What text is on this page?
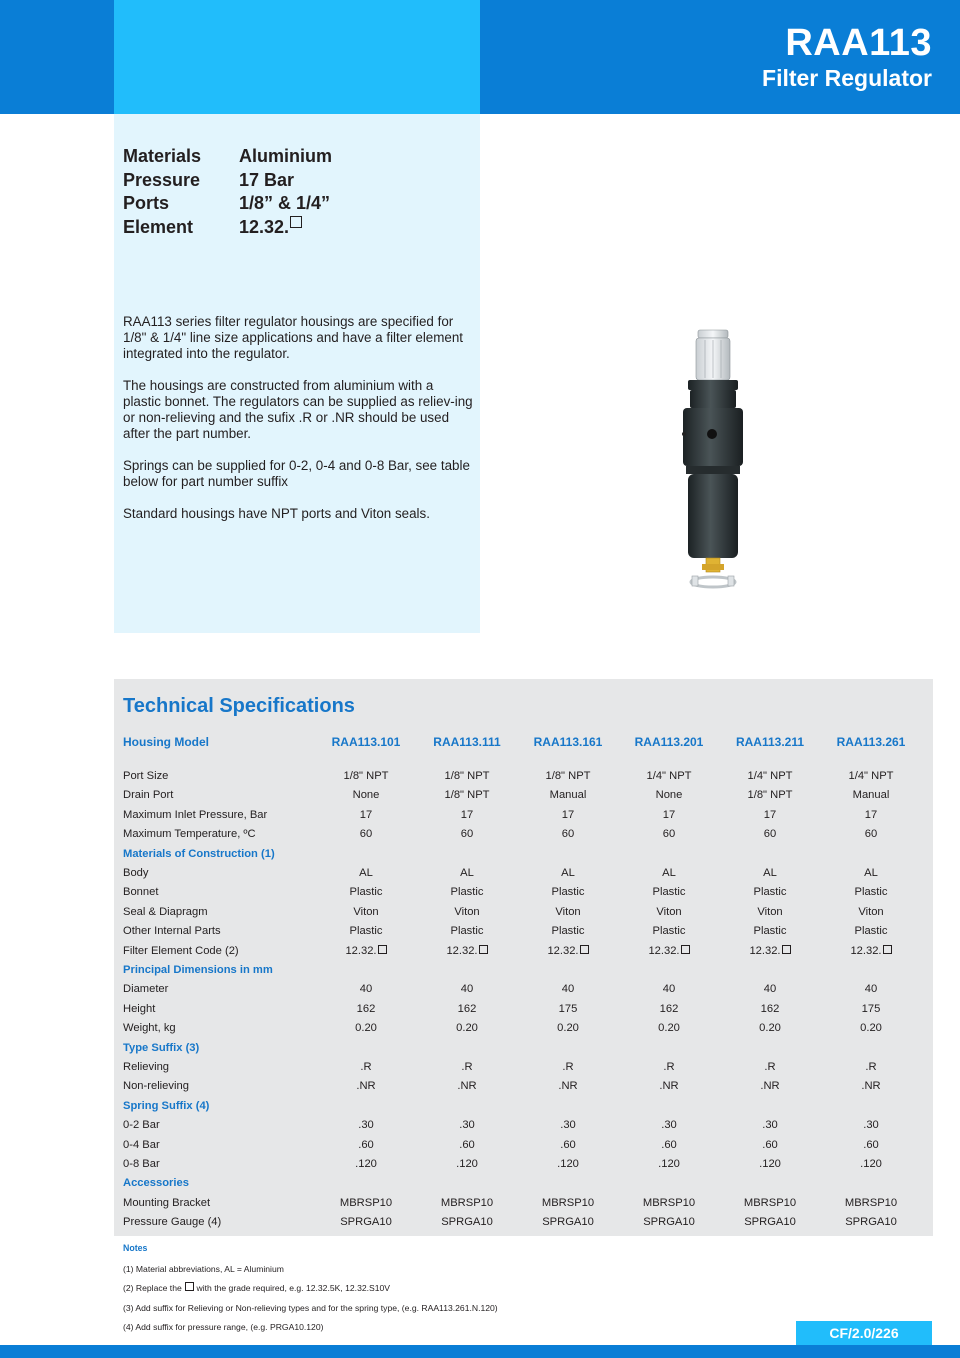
RAA113
Filter Regulator
Materials	Aluminium
Pressure	17 Bar
Ports	1/8” & 1/4”
Element	12.32.

RAA113 series filter regulator housings are specified for 1/8" & 1/4" line size applications and have a filter element integrated into the regulator.

The housings are constructed from aluminium with a plastic bonnet. The regulators can be supplied as reliev-ing or non-relieving and the sufix .R or .NR should be used after the part number.

Springs can be supplied for 0-2, 0-4 and 0-8 Bar, see table below for part number suffix

Standard housings have NPT ports and Viton seals.

Technical Specifications
Housing Model	RAA113.101	RAA113.111	RAA113.161	RAA113.201	RAA113.211	RAA113.261
Port Size	1/8" NPT	1/8" NPT	1/8" NPT	1/4" NPT	1/4" NPT	1/4" NPT
Drain Port	None	1/8" NPT	Manual	None	1/8" NPT	Manual
Maximum Inlet Pressure, Bar	17	17	17	17	17	17
Maximum Temperature, ºC	60	60	60	60	60	60
Materials of Construction (1)
Body	AL	AL	AL	AL	AL	AL
Bonnet	Plastic	Plastic	Plastic	Plastic	Plastic	Plastic
Seal & Diapragm	Viton	Viton	Viton	Viton	Viton	Viton
Other Internal Parts	Plastic	Plastic	Plastic	Plastic	Plastic	Plastic
Filter Element Code (2)	12.32.	12.32.	12.32.	12.32.	12.32.	12.32.
Principal Dimensions in mm
Diameter	40	40	40	40	40	40
Height	162	162	175	162	162	175
Weight, kg	0.20	0.20	0.20	0.20	0.20	0.20
Type Suffix (3)
Relieving	.R	.R	.R	.R	.R	.R
Non-relieving	.NR	.NR	.NR	.NR	.NR	.NR
Spring Suffix (4)
0-2 Bar	.30	.30	.30	.30	.30	.30
0-4 Bar	.60	.60	.60	.60	.60	.60
0-8 Bar	.120	.120	.120	.120	.120	.120
Accessories
Mounting Bracket	MBRSP10	MBRSP10	MBRSP10	MBRSP10	MBRSP10	MBRSP10
Pressure Gauge (4)	SPRGA10	SPRGA10	SPRGA10	SPRGA10	SPRGA10	SPRGA10
Notes
(1) Material abbreviations, AL = Aluminium
(2) Replace the  with the grade required, e.g. 12.32.5K, 12.32.S10V
(3) Add suffix for Relieving or Non-relieving types and for the spring type, (e.g. RAA113.261.N.120)
(4) Add suffix for pressure range, (e.g. PRGA10.120)	CF/2.0/226
